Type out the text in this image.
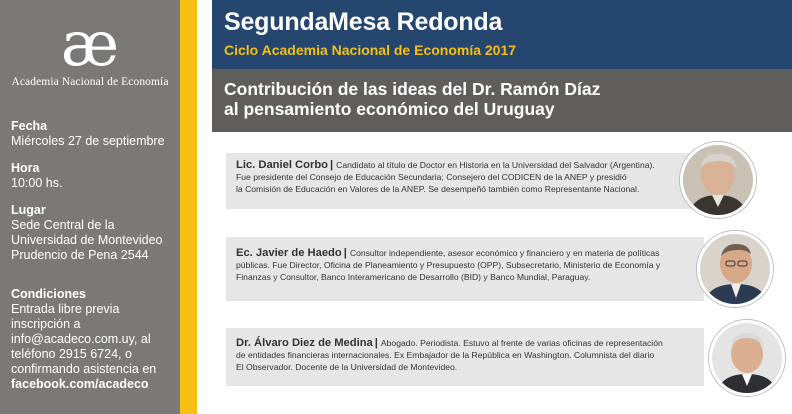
æ
Academia Nacional de Economía
Fecha
Miércoles 27 de septiembre
Hora
10:00 hs.
Lugar
Sede Central de la
Universidad de Montevideo
Prudencio de Pena 2544
Condiciones
Entrada libre previa
inscripción a
info@acadeco.com.uy, al
teléfono 2915 6724, o
confirmando asistencia en
facebook.com/acadeco
SegundaMesa Redonda
Ciclo Academia Nacional de Economía 2017
Contribución de las ideas del Dr. Ramón Díaz
al pensamiento económico del Uruguay
Lic. Daniel Corbo | Candidato al título de Doctor en Historia en la Universidad del Salvador (Argentina).
Fue presidente del Consejo de Educación Secundaria; Consejero del CODICEN de la ANEP y presidió
la Comisión de Educación en Valores de la ANEP. Se desempeñó también como Representante Nacional.
Ec. Javier de Haedo | Consultor independiente, asesor económico y financiero y en materia de políticas
públicas. Fue Director, Oficina de Planeamiento y Presupuesto (OPP), Subsecretario, Ministerio de Economía y
Finanzas y Consultor, Banco Interamericano de Desarrollo (BID) y Banco Mundial, Paraguay.
Dr. Álvaro Diez de Medina | Abogado. Periodista. Estuvo al frente de varias oficinas de representación
de entidades financieras internacionales. Ex Embajador de la República en Washington. Columnista del diario
El Observador. Docente de la Universidad de Montevideo.
